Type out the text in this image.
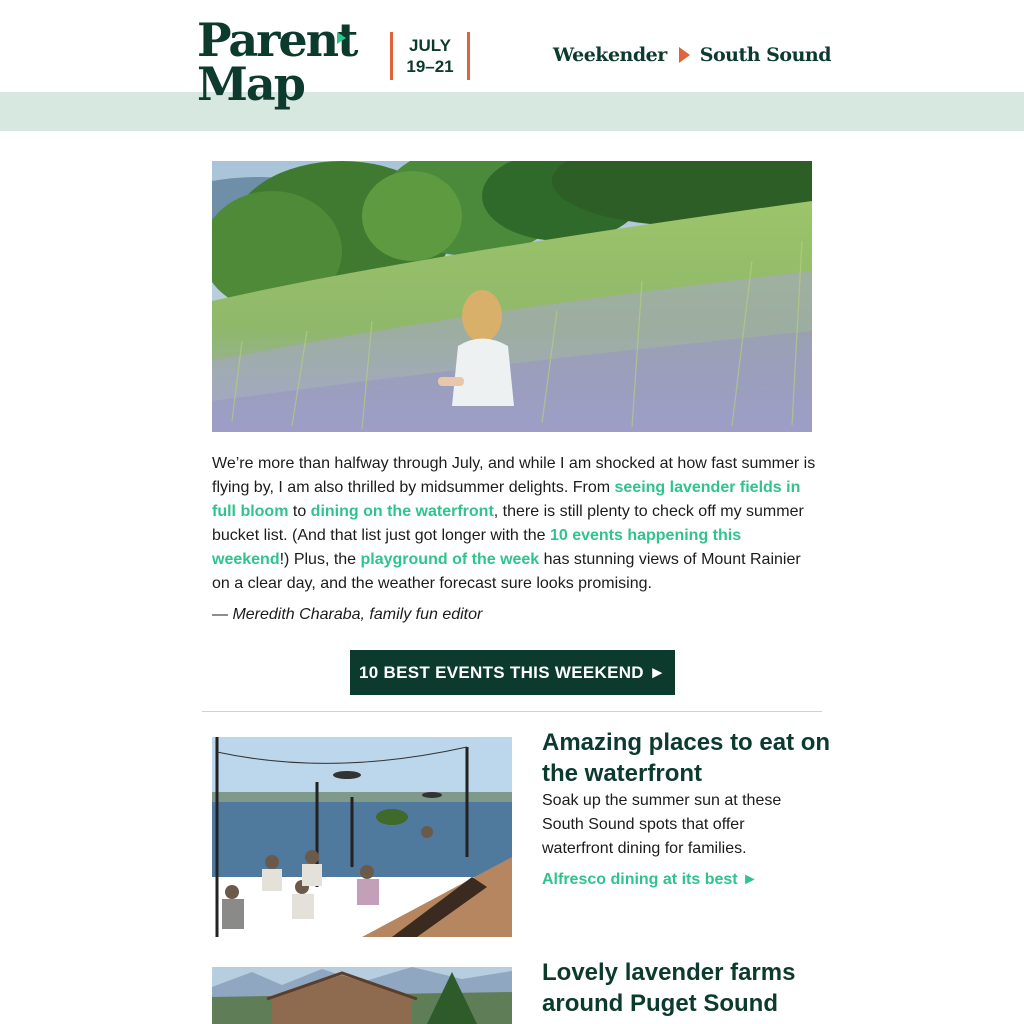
Parent
Map
JULY
19–21
Weekender South Sound
We’re more than halfway through July, and while I am shocked at how fast summer is flying by, I am also thrilled by midsummer delights. From seeing lavender fields in full bloom to dining on the waterfront, there is still plenty to check off my summer bucket list. (And that list just got longer with the 10 events happening this weekend!) Plus, the playground of the week has stunning views of Mount Rainier on a clear day, and the weather forecast sure looks promising.
— Meredith Charaba, family fun editor
10 BEST EVENTS THIS WEEKEND ►
Amazing places to eat on the waterfront
Soak up the summer sun at these South Sound spots that offer waterfront dining for families.
Alfresco dining at its best ►
Lovely lavender farms around Puget Sound
